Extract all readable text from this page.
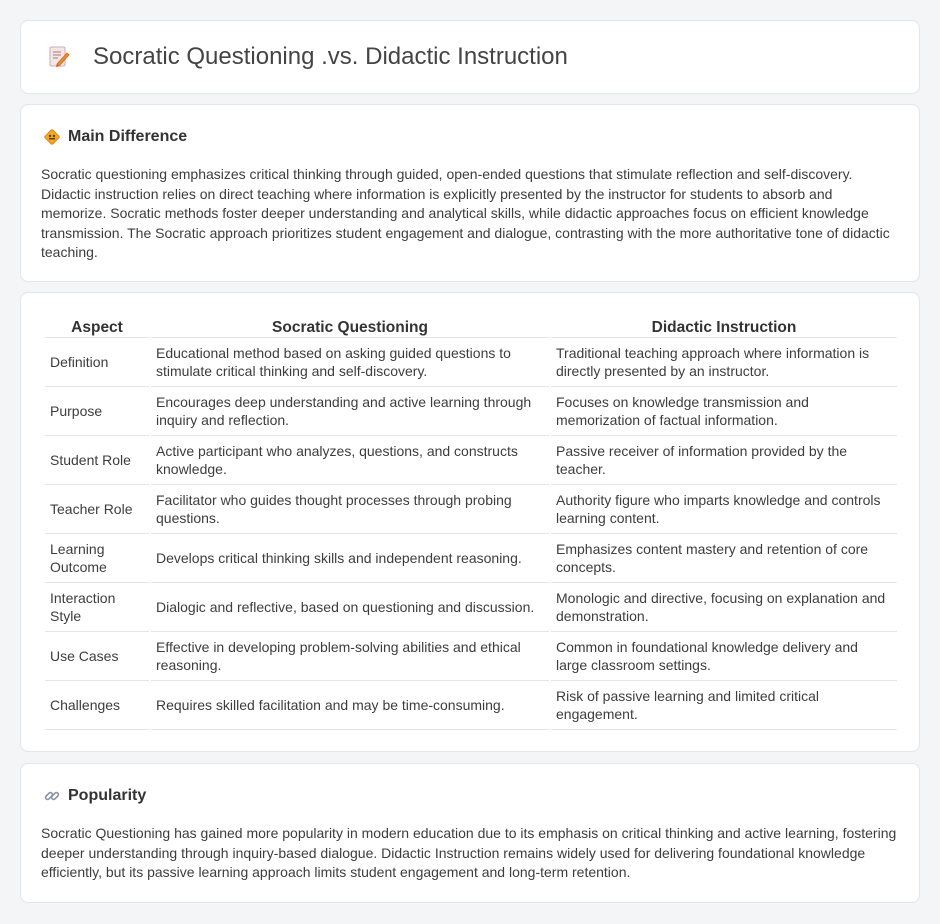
Socratic Questioning .vs. Didactic Instruction
Main Difference

Socratic questioning emphasizes critical thinking through guided, open-ended questions that stimulate reflection and self-discovery. Didactic instruction relies on direct teaching where information is explicitly presented by the instructor for students to absorb and memorize. Socratic methods foster deeper understanding and analytical skills, while didactic approaches focus on efficient knowledge transmission. The Socratic approach prioritizes student engagement and dialogue, contrasting with the more authoritative tone of didactic teaching.

Aspect	Socratic Questioning	Didactic Instruction
Definition	Educational method based on asking guided questions to stimulate critical thinking and self-discovery.	Traditional teaching approach where information is directly presented by an instructor.
Purpose	Encourages deep understanding and active learning through inquiry and reflection.	Focuses on knowledge transmission and memorization of factual information.
Student Role	Active participant who analyzes, questions, and constructs knowledge.	Passive receiver of information provided by the teacher.
Teacher Role	Facilitator who guides thought processes through probing questions.	Authority figure who imparts knowledge and controls learning content.
Learning Outcome	Develops critical thinking skills and independent reasoning.	Emphasizes content mastery and retention of core concepts.
Interaction Style	Dialogic and reflective, based on questioning and discussion.	Monologic and directive, focusing on explanation and demonstration.
Use Cases	Effective in developing problem-solving abilities and ethical reasoning.	Common in foundational knowledge delivery and large classroom settings.
Challenges	Requires skilled facilitation and may be time-consuming.	Risk of passive learning and limited critical engagement.
Popularity

Socratic Questioning has gained more popularity in modern education due to its emphasis on critical thinking and active learning, fostering deeper understanding through inquiry-based dialogue. Didactic Instruction remains widely used for delivering foundational knowledge efficiently, but its passive learning approach limits student engagement and long-term retention.
